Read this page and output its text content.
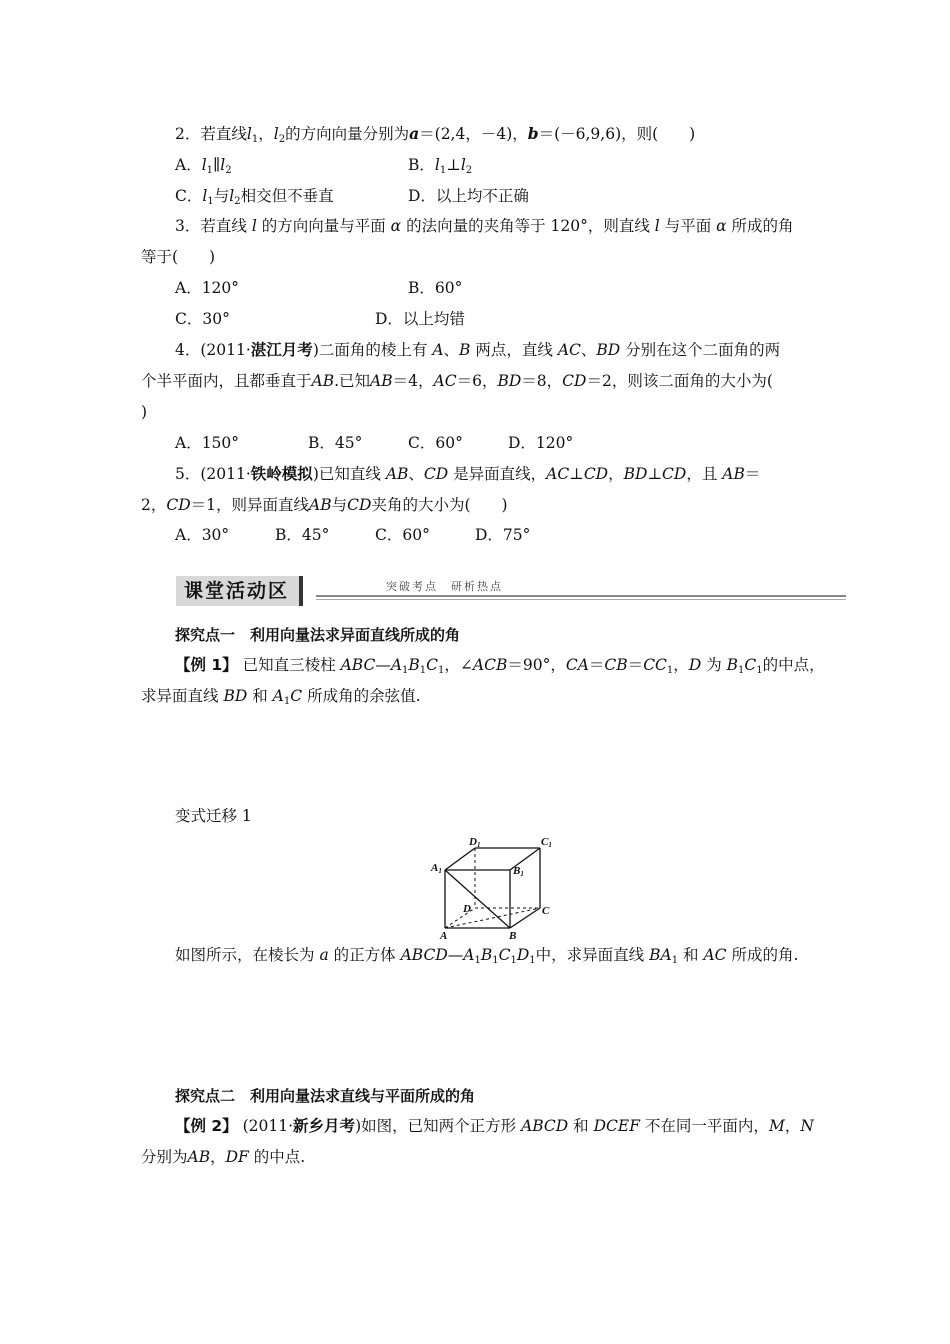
2．若直线$l_1$，$l_2$的方向向量分别为a＝(2,4，－4)，b＝(－6,9,6)，则(　　)
A．$l_1\parallel l_2$	B．$l_1\perp l_2$
C．$l_1$与$l_2$相交但不垂直	D．以上均不正确
3．若直线 l 的方向向量与平面 α 的法向量的夹角等于 120°，则直线 l 与平面 α 所成的角
等于(　　)
A．120°	B．60°
C．30°	D．以上均错
4．(2011·湛江月考)二面角的棱上有 A、B 两点，直线 AC、BD 分别在这个二面角的两
个半平面内，且都垂直于AB.已知AB＝4，AC＝6，BD＝8，CD＝2，则该二面角的大小为(
)
A．150°	B．45°	C．60°	D．120°
5．(2011·铁岭模拟)已知直线 AB、CD 是异面直线，AC⊥CD，BD⊥CD，且 AB＝
2，CD＝1，则异面直线AB与CD夹角的大小为(　　)
A．30°	B．45°	C．60°	D．75°
课堂活动区	突破考点　研析热点
探究点一　利用向量法求异面直线所成的角
【例 1】 已知直三棱柱 $ABC—A_1B_1C_1$，∠ACB＝90°，$CA=CB=CC_1$，D 为 $B_1C_1$的中点，
求异面直线 BD 和 $A_1C$ 所成角的余弦值.
变式迁移 1
D1	C1
A1	B1
D	C
A	B
如图所示，在棱长为 a 的正方体 $ABCD—A_1B_1C_1D_1$中，求异面直线 $BA_1$ 和 AC 所成的角.
探究点二　利用向量法求直线与平面所成的角
【例 2】 (2011·新乡月考)如图，已知两个正方形 ABCD 和 DCEF 不在同一平面内，M，N
分别为AB，DF 的中点.
